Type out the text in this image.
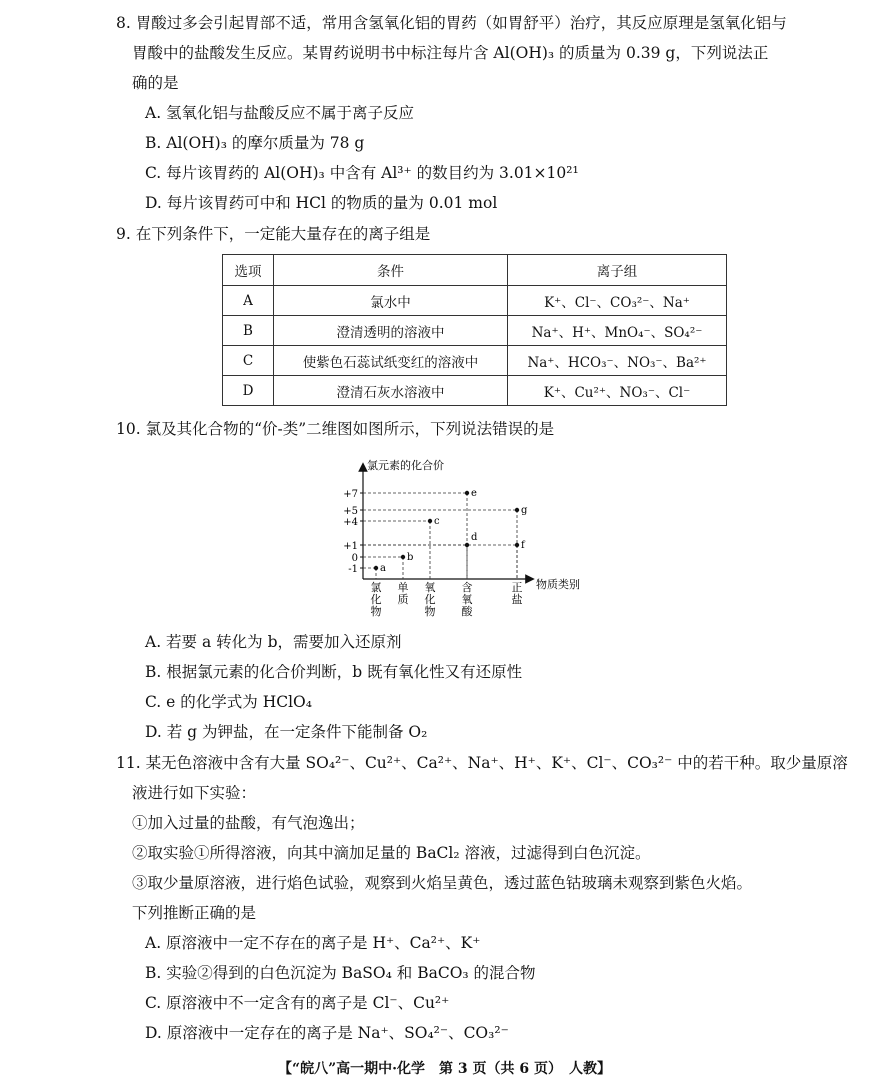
8. 胃酸过多会引起胃部不适，常用含氢氧化铝的胃药（如胃舒平）治疗，其反应原理是氢氧化铝与
胃酸中的盐酸发生反应。某胃药说明书中标注每片含 Al(OH)₃ 的质量为 0.39 g，下列说法正
确的是
A. 氢氧化铝与盐酸反应不属于离子反应
B. Al(OH)₃ 的摩尔质量为 78 g
C. 每片该胃药的 Al(OH)₃ 中含有 Al³⁺ 的数目约为 3.01×10²¹
D. 每片该胃药可中和 HCl 的物质的量为 0.01 mol
9. 在下列条件下，一定能大量存在的离子组是
选项	条件	离子组
A	氯水中	K⁺、Cl⁻、CO₃²⁻、Na⁺
B	澄清透明的溶液中	Na⁺、H⁺、MnO₄⁻、SO₄²⁻
C	使紫色石蕊试纸变红的溶液中	Na⁺、HCO₃⁻、NO₃⁻、Ba²⁺
D	澄清石灰水溶液中	K⁺、Cu²⁺、NO₃⁻、Cl⁻
10. 氯及其化合物的“价-类”二维图如图所示，下列说法错误的是
氯元素的化合价
物质类别
+7
+5
+4
+1
0
-1
氯化物
单质
氧化物
含氧酸
正盐
a
b
c
d
e
f
g
A. 若要 a 转化为 b，需要加入还原剂
B. 根据氯元素的化合价判断，b 既有氧化性又有还原性
C. e 的化学式为 HClO₄
D. 若 g 为钾盐，在一定条件下能制备 O₂
11. 某无色溶液中含有大量 SO₄²⁻、Cu²⁺、Ca²⁺、Na⁺、H⁺、K⁺、Cl⁻、CO₃²⁻ 中的若干种。取少量原溶
液进行如下实验：
①加入过量的盐酸，有气泡逸出；
②取实验①所得溶液，向其中滴加足量的 BaCl₂ 溶液，过滤得到白色沉淀。
③取少量原溶液，进行焰色试验，观察到火焰呈黄色，透过蓝色钴玻璃未观察到紫色火焰。
下列推断正确的是
A. 原溶液中一定不存在的离子是 H⁺、Ca²⁺、K⁺
B. 实验②得到的白色沉淀为 BaSO₄ 和 BaCO₃ 的混合物
C. 原溶液中不一定含有的离子是 Cl⁻、Cu²⁺
D. 原溶液中一定存在的离子是 Na⁺、SO₄²⁻、CO₃²⁻
【“皖八”高一期中·化学　第 3 页（共 6 页）　人教】
